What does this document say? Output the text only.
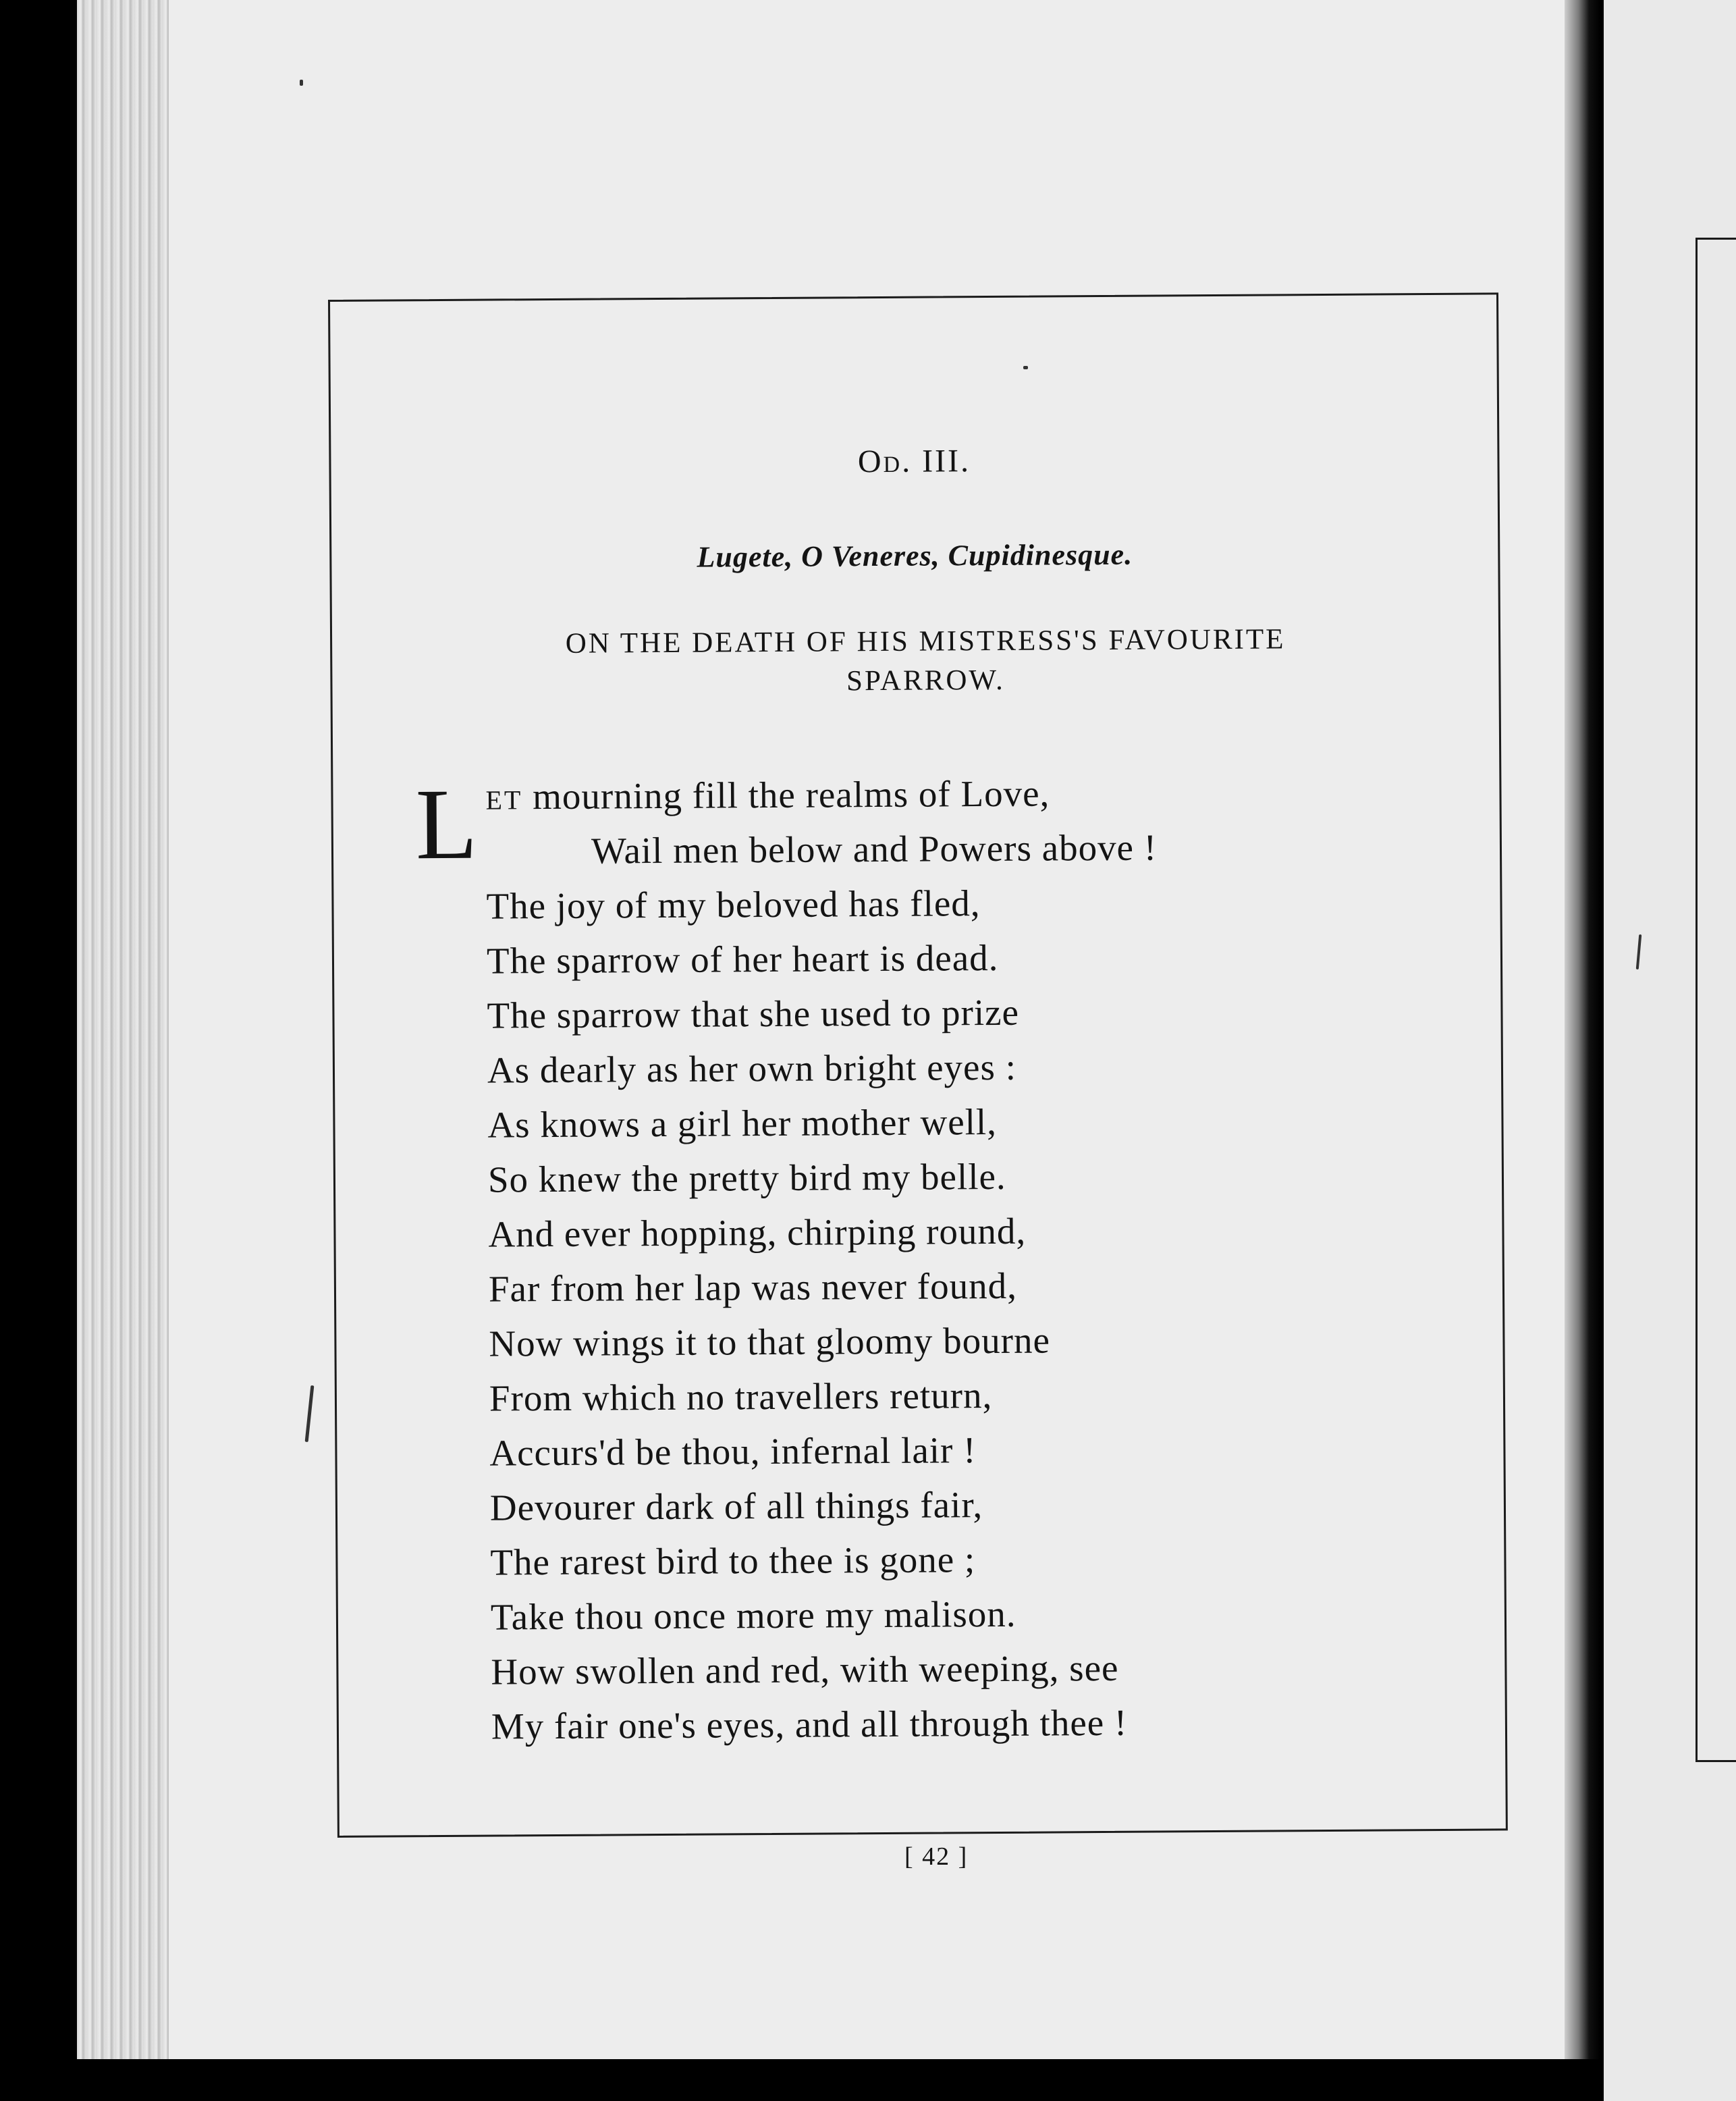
Od. III.
Lugete, O Veneres, Cupidinesque.
ON THE DEATH OF HIS MISTRESS'S FAVOURITE
SPARROW.
L ET mourning fill the realms of Love,
Wail men below and Powers above !
The joy of my beloved has fled,
The sparrow of her heart is dead.
The sparrow that she used to prize
As dearly as her own bright eyes :
As knows a girl her mother well,
So knew the pretty bird my belle.
And ever hopping, chirping round,
Far from her lap was never found,
Now wings it to that gloomy bourne
From which no travellers return,
Accurs'd be thou, infernal lair !
Devourer dark of all things fair,
The rarest bird to thee is gone ;
Take thou once more my malison.
How swollen and red, with weeping, see
My fair one's eyes, and all through thee !
[ 42 ]
